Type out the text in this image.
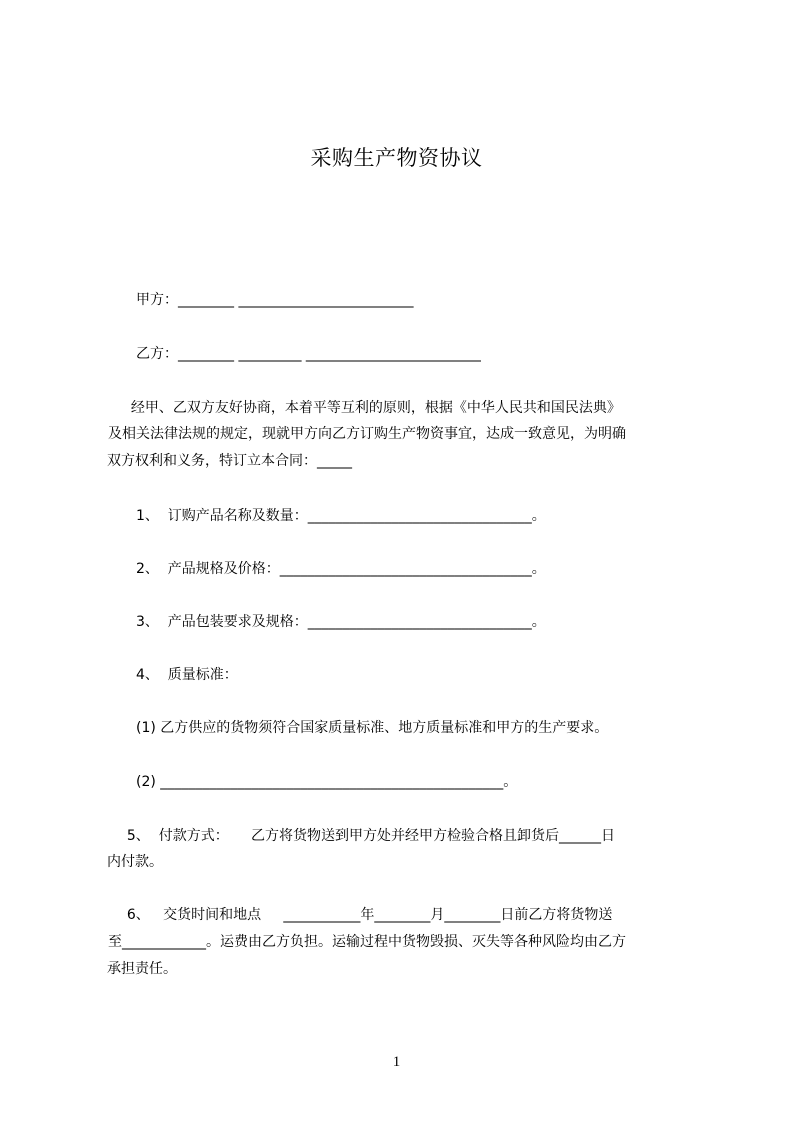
采购生产物资协议
甲方：________ _________________________
乙方：________ _________ _________________________
经甲、乙双方友好协商，本着平等互利的原则，根据《中华人民共和国民法典》
及相关法律法规的规定，现就甲方向乙方订购生产物资事宜，达成一致意见，为明确
双方权利和义务，特订立本合同：_____
1、  订购产品名称及数量：________________________________。
2、  产品规格及价格：____________________________________。
3、  产品包装要求及规格：________________________________。
4、  质量标准：
(1) 乙方供应的货物须符合国家质量标准、地方质量标准和甲方的生产要求。
(2) _________________________________________________。
5、  付款方式：     乙方将货物送到甲方处并经甲方检验合格且卸货后______日
内付款。
6、   交货时间和地点     ___________年________月________日前乙方将货物送
至____________。运费由乙方负担。运输过程中货物毁损、灭失等各种风险均由乙方
承担责任。
1
